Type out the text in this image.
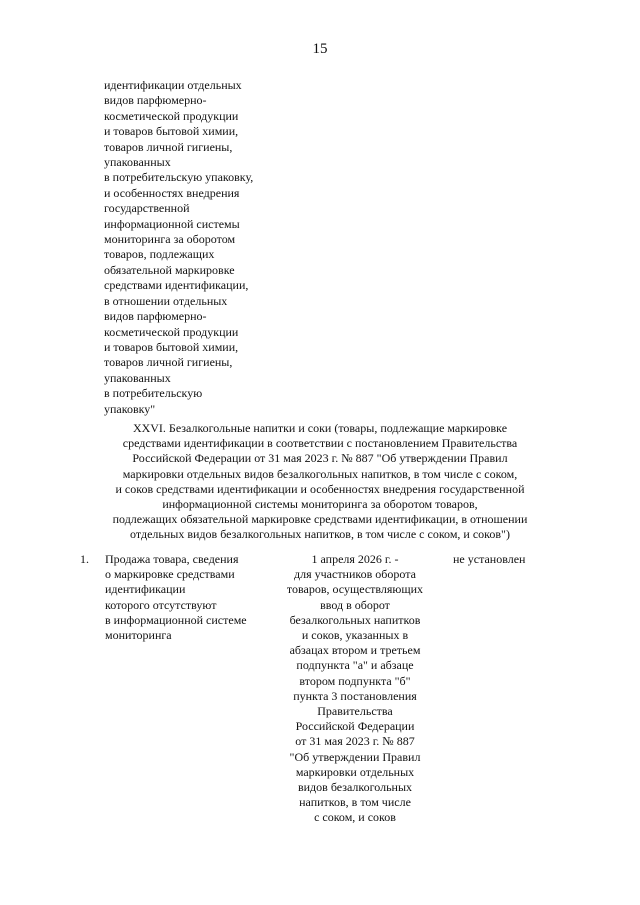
15
идентификации отдельных
видов парфюмерно-
косметической продукции
и товаров бытовой химии,
товаров личной гигиены,
упакованных
в потребительскую упаковку,
и особенностях внедрения
государственной
информационной системы
мониторинга за оборотом
товаров, подлежащих
обязательной маркировке
средствами идентификации,
в отношении отдельных
видов парфюмерно-
косметической продукции
и товаров бытовой химии,
товаров личной гигиены,
упакованных
в потребительскую
упаковку"
XXVI. Безалкогольные напитки и соки (товары, подлежащие маркировке
средствами идентификации в соответствии с постановлением Правительства
Российской Федерации от 31 мая 2023 г. № 887 "Об утверждении Правил
маркировки отдельных видов безалкогольных напитков, в том числе с соком,
и соков средствами идентификации и особенностях внедрения государственной
информационной системы мониторинга за оборотом товаров,
подлежащих обязательной маркировке средствами идентификации, в отношении
отдельных видов безалкогольных напитков, в том числе с соком, и соков")
1. Продажа товара, сведения
о маркировке средствами
идентификации
которого отсутствуют
в информационной системе
мониторинга
1 апреля 2026 г. -
для участников оборота
товаров, осуществляющих
ввод в оборот
безалкогольных напитков
и соков, указанных в
абзацах втором и третьем
подпункта "а" и абзаце
втором подпункта "б"
пункта 3 постановления
Правительства
Российской Федерации
от 31 мая 2023 г. № 887
"Об утверждении Правил
маркировки отдельных
видов безалкогольных
напитков, в том числе
с соком, и соков
не установлен
